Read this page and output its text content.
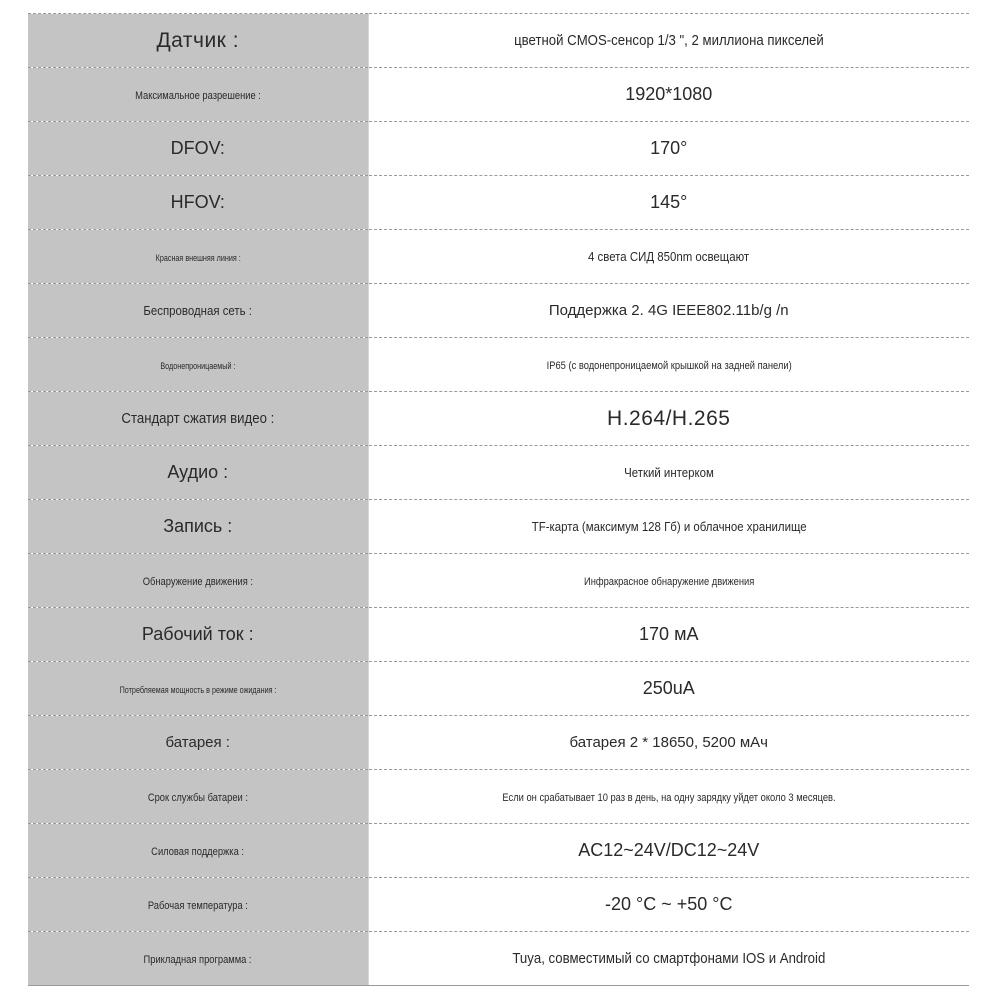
Датчик :	цветной CMOS-сенсор 1/3 ", 2 миллиона пикселей
Максимальное разрешение :	1920*1080
DFOV:	170°
HFOV:	145°
Красная внешняя линия :	4 света СИД 850nm освещают
Беспроводная сеть :	Поддержка 2. 4G IEEE802.11b/g /n
Водонепроницаемый :	IP65 (с водонепроницаемой крышкой на задней панели)
Стандарт сжатия видео :	H.264/H.265
Аудио :	Четкий интерком
Запись :	TF-карта (максимум 128 Гб) и облачное хранилище
Обнаружение движения :	Инфракрасное обнаружение движения
Рабочий ток :	170 мА
Потребляемая мощность в режиме ожидания :	250uA
батарея :	батарея 2 * 18650, 5200 мАч
Срок службы батареи :	Если он срабатывает 10 раз в день, на одну зарядку уйдет около 3 месяцев.
Силовая поддержка :	AC12~24V/DC12~24V
Рабочая температура :	-20 °C ~ +50 °C
Прикладная программа :	Tuya, совместимый со смартфонами IOS и Android
